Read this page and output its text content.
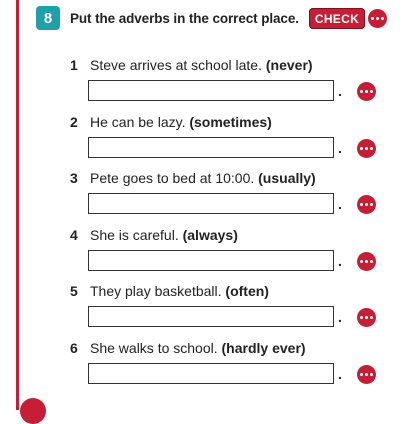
8	Put the adverbs in the correct place.	CHECK
1 Steve arrives at school late. (never)
.
2 He can be lazy. (sometimes)
.
3 Pete goes to bed at 10:00. (usually)
.
4 She is careful. (always)
.
5 They play basketball. (often)
.
6 She walks to school. (hardly ever)
.
